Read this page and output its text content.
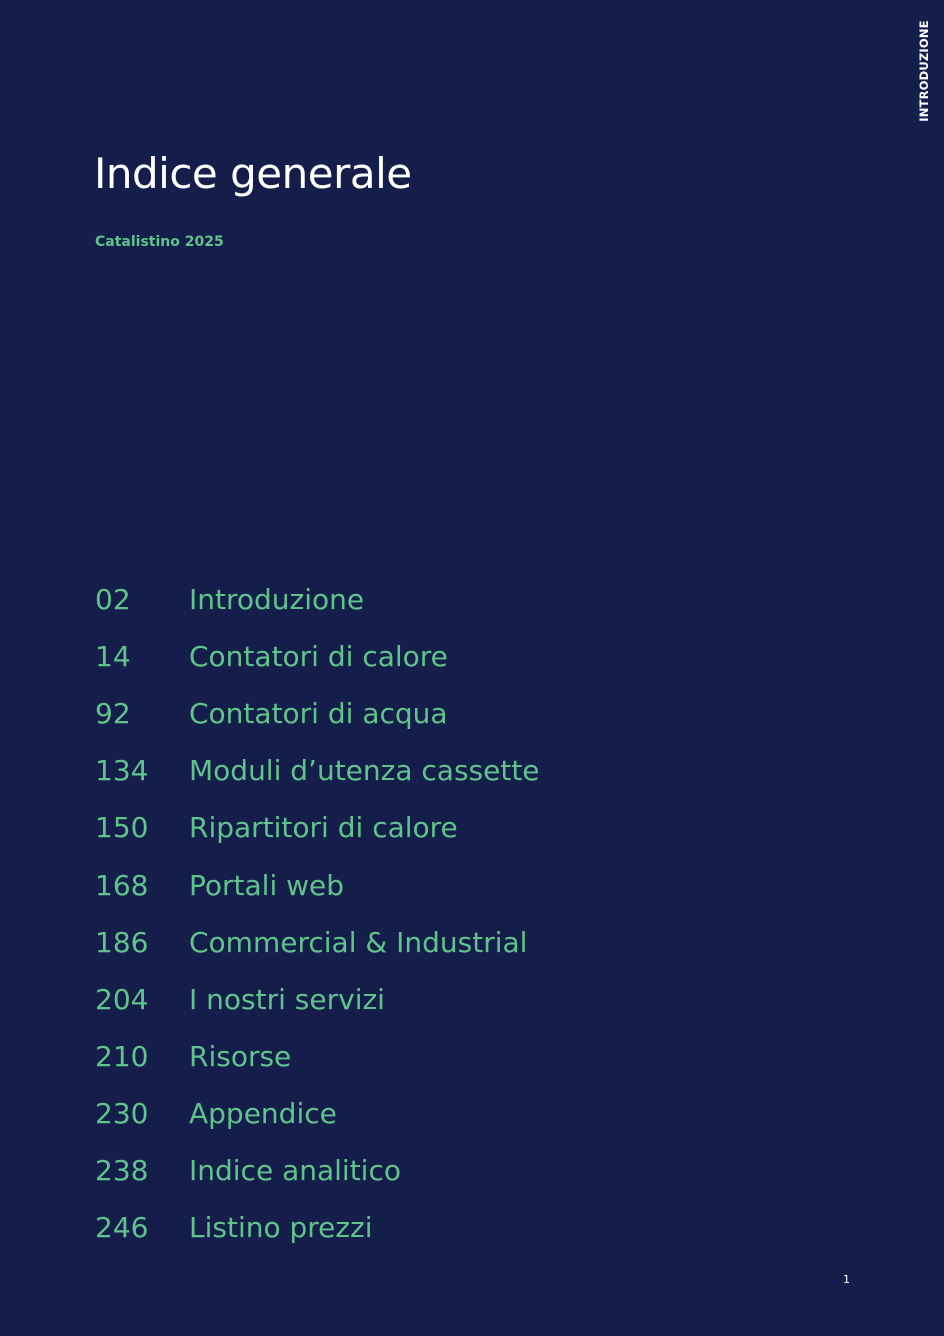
INTRODUZIONE
Indice generale
Catalistino 2025
02	Introduzione
14	Contatori di calore
92	Contatori di acqua
134	Moduli d’utenza cassette
150	Ripartitori di calore
168	Portali web
186	Commercial & Industrial
204	I nostri servizi
210	Risorse
230	Appendice
238	Indice analitico
246	Listino prezzi
1
